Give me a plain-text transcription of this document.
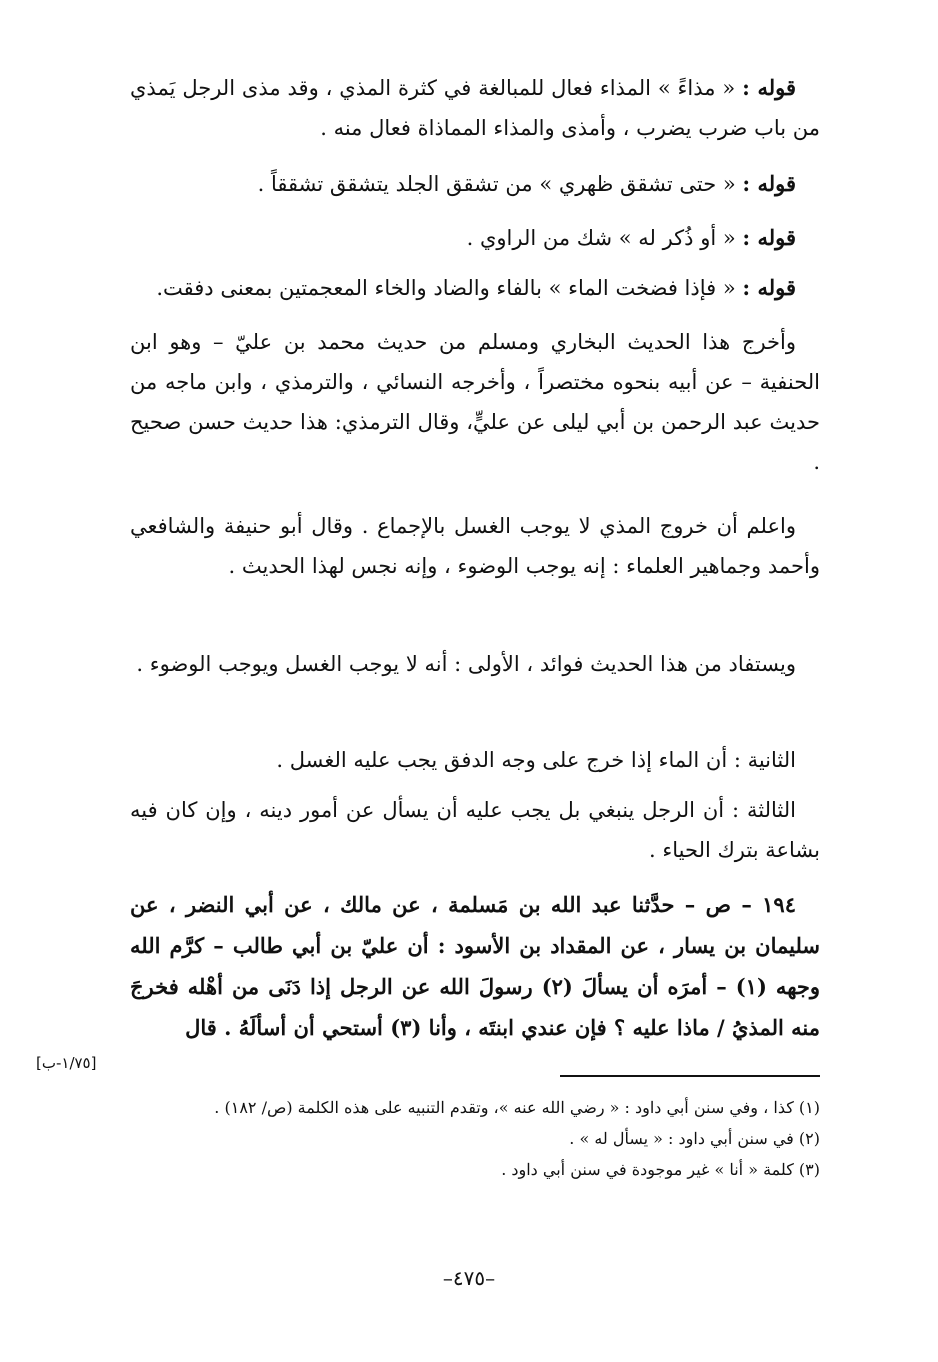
قوله : « مذاءً » المذاء فعال للمبالغة في كثرة المذي ، وقد مذى الرجل يَمذي من باب ضرب يضرب ، وأمذى والمذاء المماذاة فعال منه .

قوله : « حتى تشقق ظهري » من تشقق الجلد يتشقق تشققاً .

قوله : « أو ذُكر له » شك من الراوي .

قوله : « فإذا فضخت الماء » بالفاء والضاد والخاء المعجمتين بمعنى دفقت.

وأخرج هذا الحديث البخاري ومسلم من حديث محمد بن عليّ – وهو ابن الحنفية – عن أبيه بنحوه مختصراً ، وأخرجه النسائي ، والترمذي ، وابن ماجه من حديث عبد الرحمن بن أبي ليلى عن عليٍّ، وقال الترمذي: هذا حديث حسن صحيح .

واعلم أن خروج المذي لا يوجب الغسل بالإجماع . وقال أبو حنيفة والشافعي وأحمد وجماهير العلماء : إنه يوجب الوضوء ، وإنه نجس لهذا الحديث .

ويستفاد من هذا الحديث فوائد ، الأولى : أنه لا يوجب الغسل ويوجب الوضوء .

الثانية : أن الماء إذا خرج على وجه الدفق يجب عليه الغسل .

الثالثة : أن الرجل ينبغي بل يجب عليه أن يسأل عن أمور دينه ، وإن كان فيه بشاعة بترك الحياء .

١٩٤ – ص – حدَّثنا عبد الله بن مَسلمة ، عن مالك ، عن أبي النضر ، عن سليمان بن يسار ، عن المقداد بن الأسود : أن عليّ بن أبي طالب – كرَّم الله وجهه (١) – أمرَه أن يسألَ (٢) رسولَ الله عن الرجل إذا دَنَى من أهْله فخرجَ منه المذيُ / ماذا عليه ؟ فإن عندي ابنتَه ، وأنا (٣) أستحي أن أسألَهُ . قال

[١/٧٥-ب]

(١) كذا ، وفي سنن أبي داود : « رضي الله عنه »، وتقدم التنبيه على هذه الكلمة (ص/ ١٨٢) .

(٢) في سنن أبي داود : « يسأل له » .

(٣) كلمة « أنا » غير موجودة في سنن أبي داود .

–٤٧٥–
